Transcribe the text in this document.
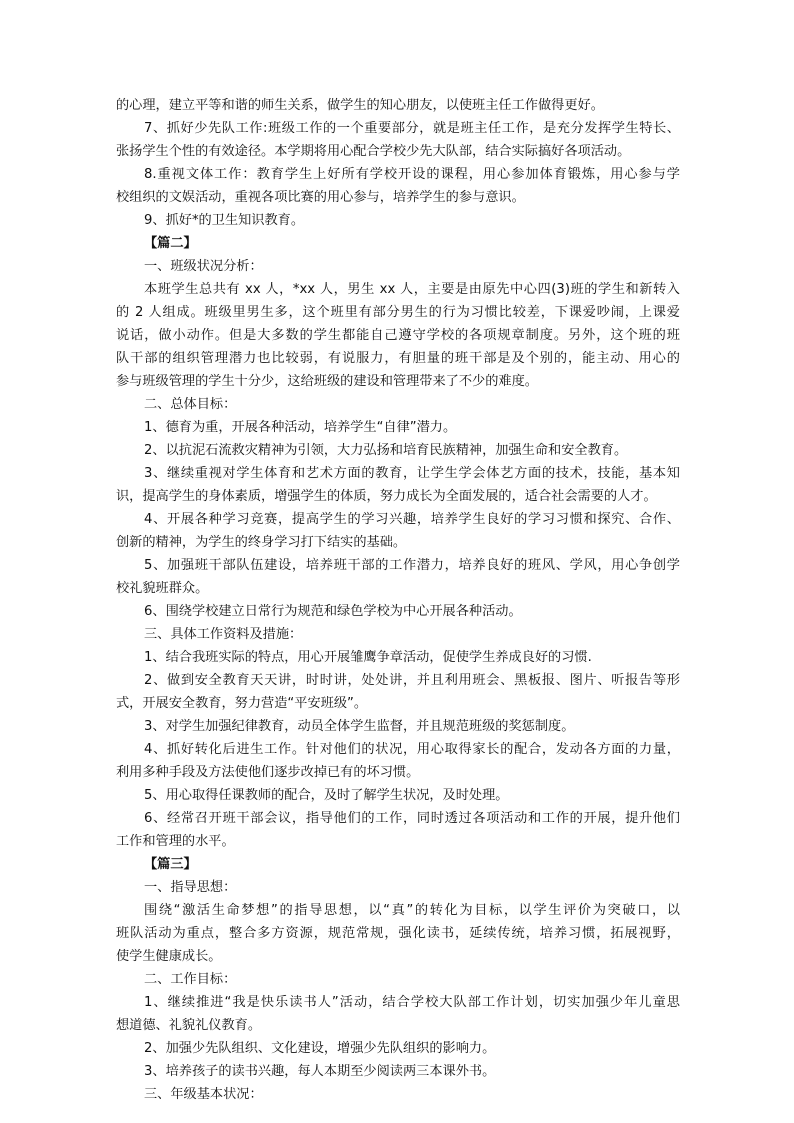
的心理，建立平等和谐的师生关系，做学生的知心朋友，以使班主任工作做得更好。
7、抓好少先队工作:班级工作的一个重要部分，就是班主任工作，是充分发挥学生特长、
张扬学生个性的有效途径。本学期将用心配合学校少先大队部，结合实际搞好各项活动。
8.重视文体工作：教育学生上好所有学校开设的课程，用心参加体育锻炼，用心参与学
校组织的文娱活动，重视各项比赛的用心参与，培养学生的参与意识。
9、抓好*的卫生知识教育。
【篇二】
一、班级状况分析：
本班学生总共有 xx 人，*xx 人，男生 xx 人，主要是由原先中心四(3)班的学生和新转入
的 2 人组成。班级里男生多，这个班里有部分男生的行为习惯比较差，下课爱吵闹，上课爱
说话，做小动作。但是大多数的学生都能自己遵守学校的各项规章制度。另外，这个班的班
队干部的组织管理潜力也比较弱，有说服力，有胆量的班干部是及个别的，能主动、用心的
参与班级管理的学生十分少，这给班级的建设和管理带来了不少的难度。
二、总体目标：
1、德育为重，开展各种活动，培养学生“自律”潜力。
2、以抗泥石流救灾精神为引领，大力弘扬和培育民族精神，加强生命和安全教育。
3、继续重视对学生体育和艺术方面的教育，让学生学会体艺方面的技术，技能，基本知
识，提高学生的身体素质，增强学生的体质，努力成长为全面发展的，适合社会需要的人才。
4、开展各种学习竞赛，提高学生的学习兴趣，培养学生良好的学习习惯和探究、合作、
创新的精神，为学生的终身学习打下结实的基础。
5、加强班干部队伍建设，培养班干部的工作潜力，培养良好的班风、学风，用心争创学
校礼貌班群众。
6、围绕学校建立日常行为规范和绿色学校为中心开展各种活动。
三、具体工作资料及措施：
1、结合我班实际的特点，用心开展雏鹰争章活动，促使学生养成良好的习惯.
2、做到安全教育天天讲，时时讲，处处讲，并且利用班会、黑板报、图片、听报告等形
式，开展安全教育，努力营造“平安班级”。
3、对学生加强纪律教育，动员全体学生监督，并且规范班级的奖惩制度。
4、抓好转化后进生工作。针对他们的状况，用心取得家长的配合，发动各方面的力量，
利用多种手段及方法使他们逐步改掉已有的坏习惯。
5、用心取得任课教师的配合，及时了解学生状况，及时处理。
6、经常召开班干部会议，指导他们的工作，同时透过各项活动和工作的开展，提升他们
工作和管理的水平。
【篇三】
一、指导思想：
围绕“激活生命梦想”的指导思想，以“真”的转化为目标，以学生评价为突破口，以
班队活动为重点，整合多方资源，规范常规，强化读书，延续传统，培养习惯，拓展视野，
使学生健康成长。
二、工作目标：
1、继续推进“我是快乐读书人”活动，结合学校大队部工作计划，切实加强少年儿童思
想道德、礼貌礼仪教育。
2、加强少先队组织、文化建设，增强少先队组织的影响力。
3、培养孩子的读书兴趣，每人本期至少阅读两三本课外书。
三、年级基本状况：
